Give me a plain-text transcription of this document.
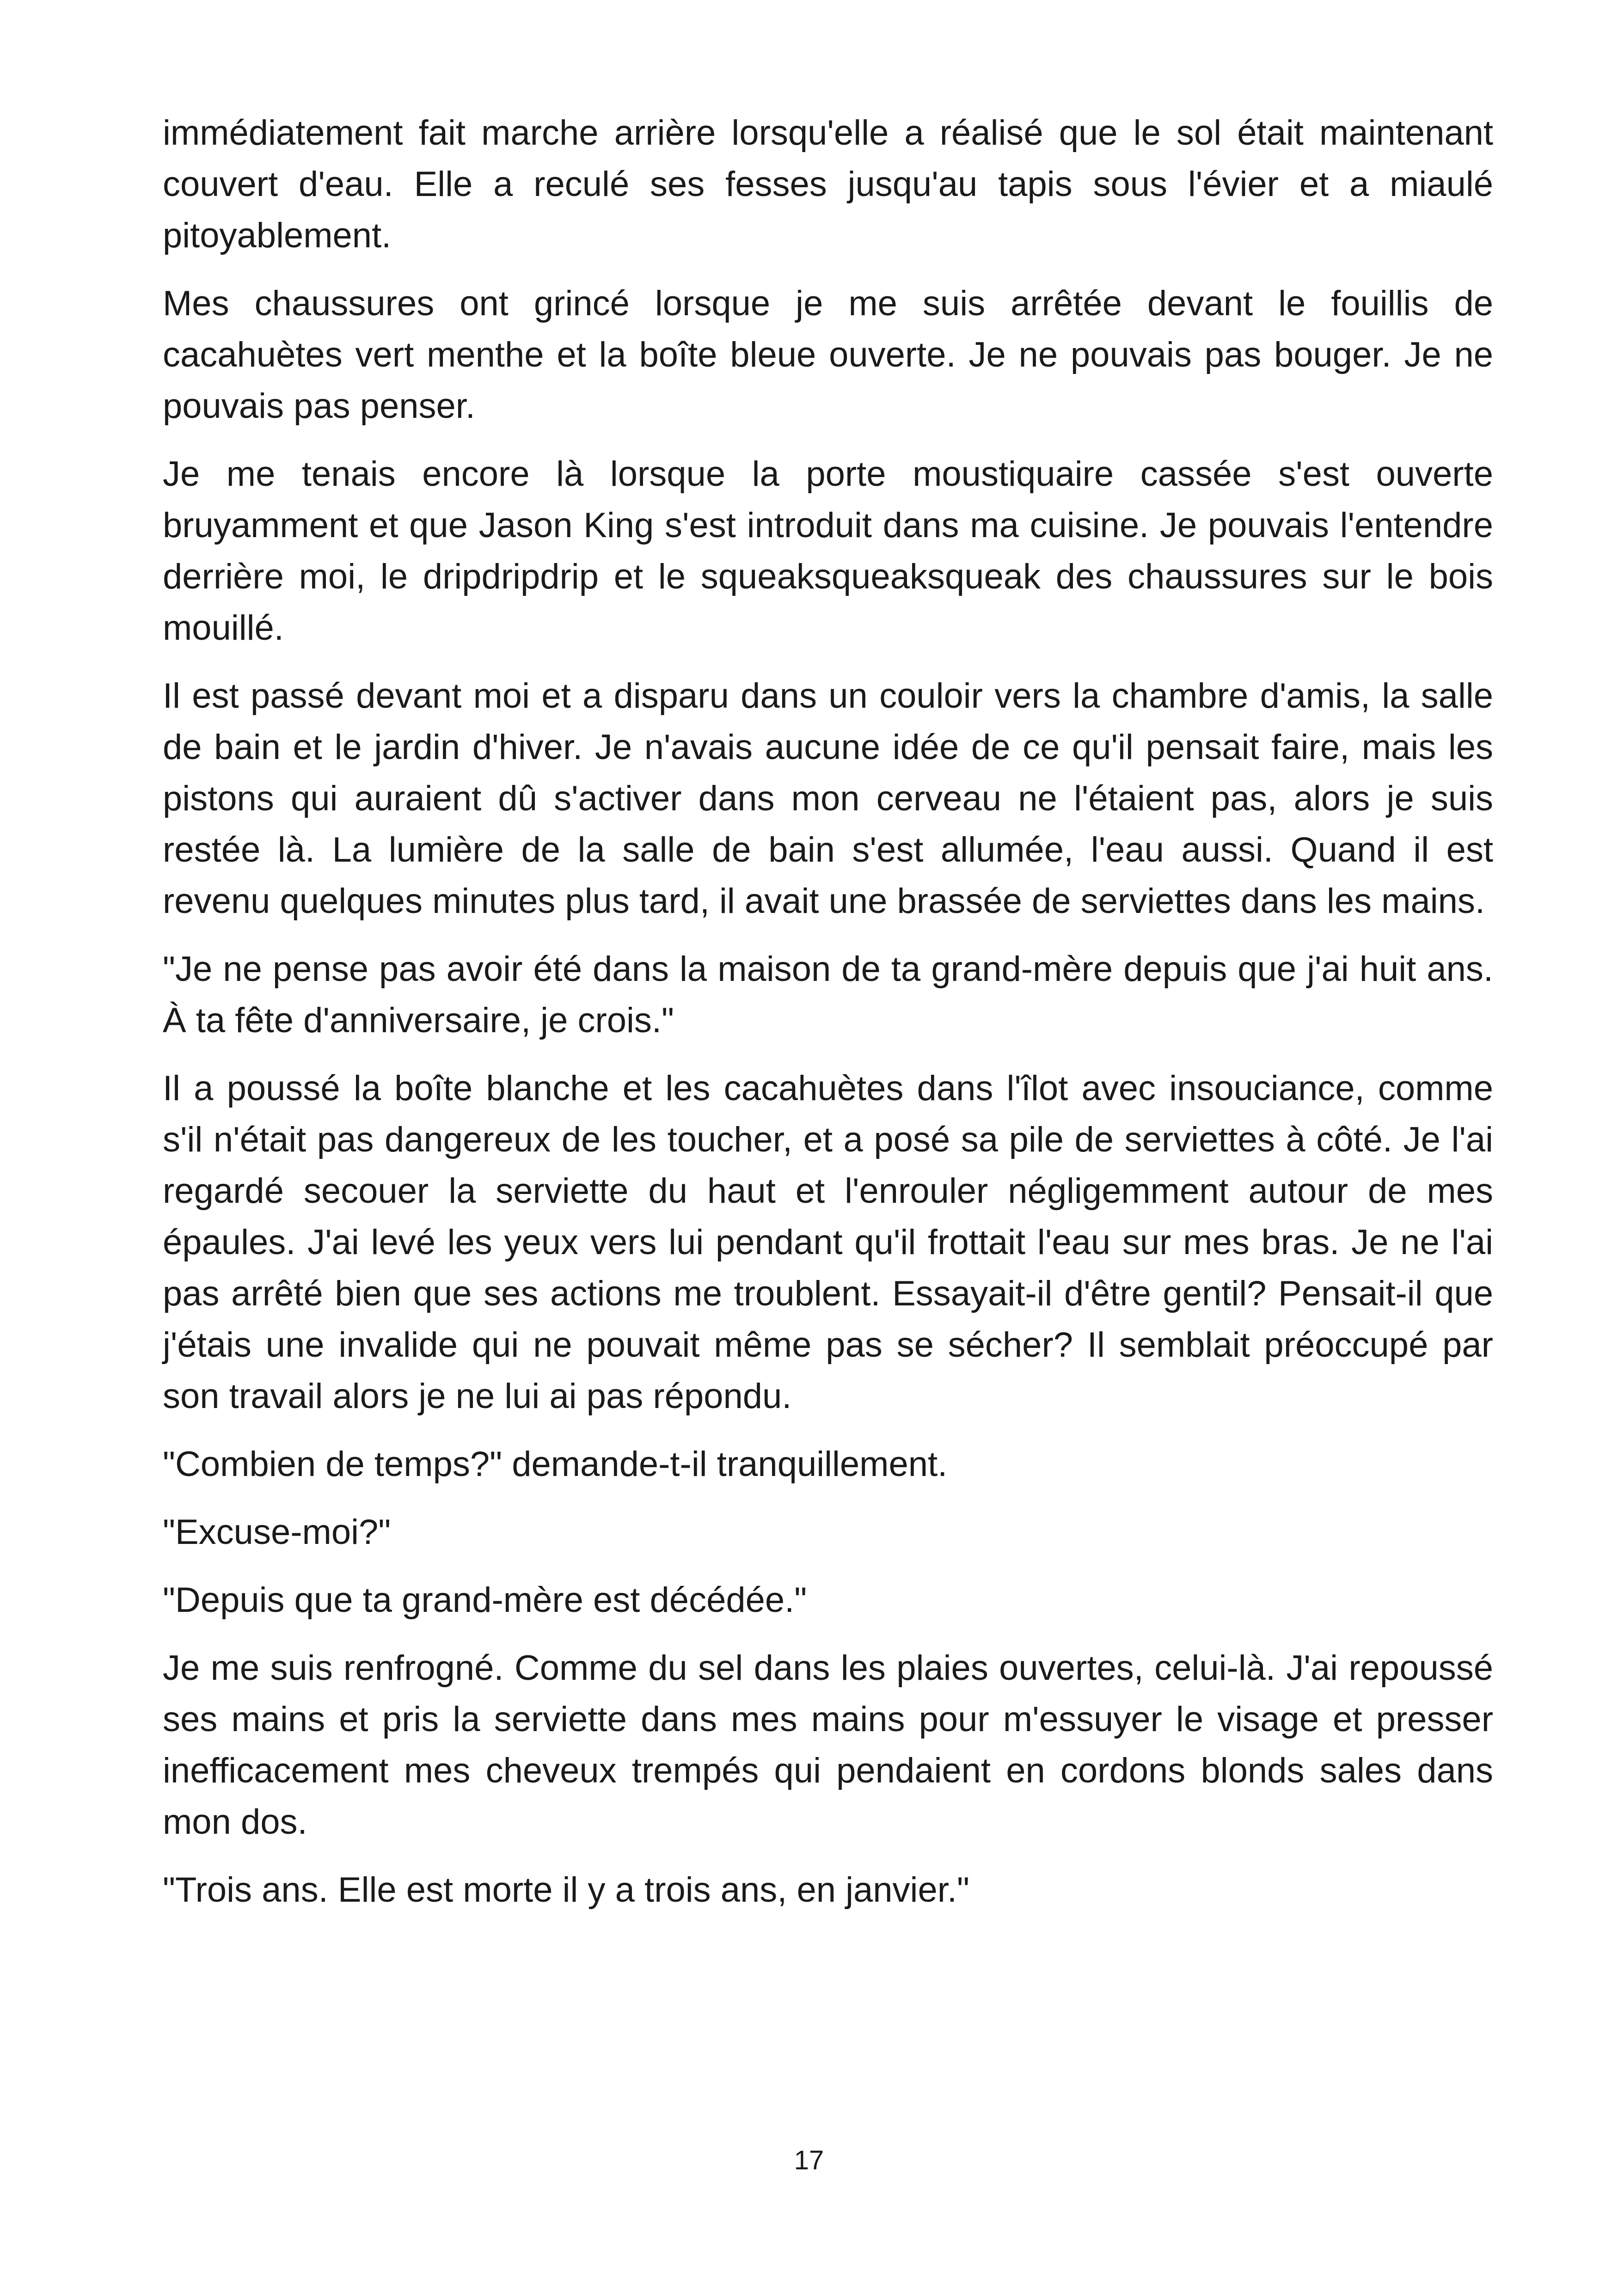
immédiatement fait marche arrière lorsqu'elle a réalisé que le sol était maintenant couvert d'eau. Elle a reculé ses fesses jusqu'au tapis sous l'évier et a miaulé pitoyablement.

Mes chaussures ont grincé lorsque je me suis arrêtée devant le fouillis de cacahuètes vert menthe et la boîte bleue ouverte. Je ne pouvais pas bouger. Je ne pouvais pas penser.

Je me tenais encore là lorsque la porte moustiquaire cassée s'est ouverte bruyamment et que Jason King s'est introduit dans ma cuisine. Je pouvais l'entendre derrière moi, le dripdripdrip et le squeaksqueaksqueak des chaussures sur le bois mouillé.

Il est passé devant moi et a disparu dans un couloir vers la chambre d'amis, la salle de bain et le jardin d'hiver. Je n'avais aucune idée de ce qu'il pensait faire, mais les pistons qui auraient dû s'activer dans mon cerveau ne l'étaient pas, alors je suis restée là. La lumière de la salle de bain s'est allumée, l'eau aussi. Quand il est revenu quelques minutes plus tard, il avait une brassée de serviettes dans les mains.

"Je ne pense pas avoir été dans la maison de ta grand-mère depuis que j'ai huit ans. À ta fête d'anniversaire, je crois."

Il a poussé la boîte blanche et les cacahuètes dans l'îlot avec insouciance, comme s'il n'était pas dangereux de les toucher, et a posé sa pile de serviettes à côté. Je l'ai regardé secouer la serviette du haut et l'enrouler négligemment autour de mes épaules. J'ai levé les yeux vers lui pendant qu'il frottait l'eau sur mes bras. Je ne l'ai pas arrêté bien que ses actions me troublent. Essayait-il d'être gentil? Pensait-il que j'étais une invalide qui ne pouvait même pas se sécher? Il semblait préoccupé par son travail alors je ne lui ai pas répondu.

"Combien de temps?" demande-t-il tranquillement.

"Excuse-moi?"

"Depuis que ta grand-mère est décédée."

Je me suis renfrogné. Comme du sel dans les plaies ouvertes, celui-là. J'ai repoussé ses mains et pris la serviette dans mes mains pour m'essuyer le visage et presser inefficacement mes cheveux trempés qui pendaient en cordons blonds sales dans mon dos.

"Trois ans. Elle est morte il y a trois ans, en janvier."

17
